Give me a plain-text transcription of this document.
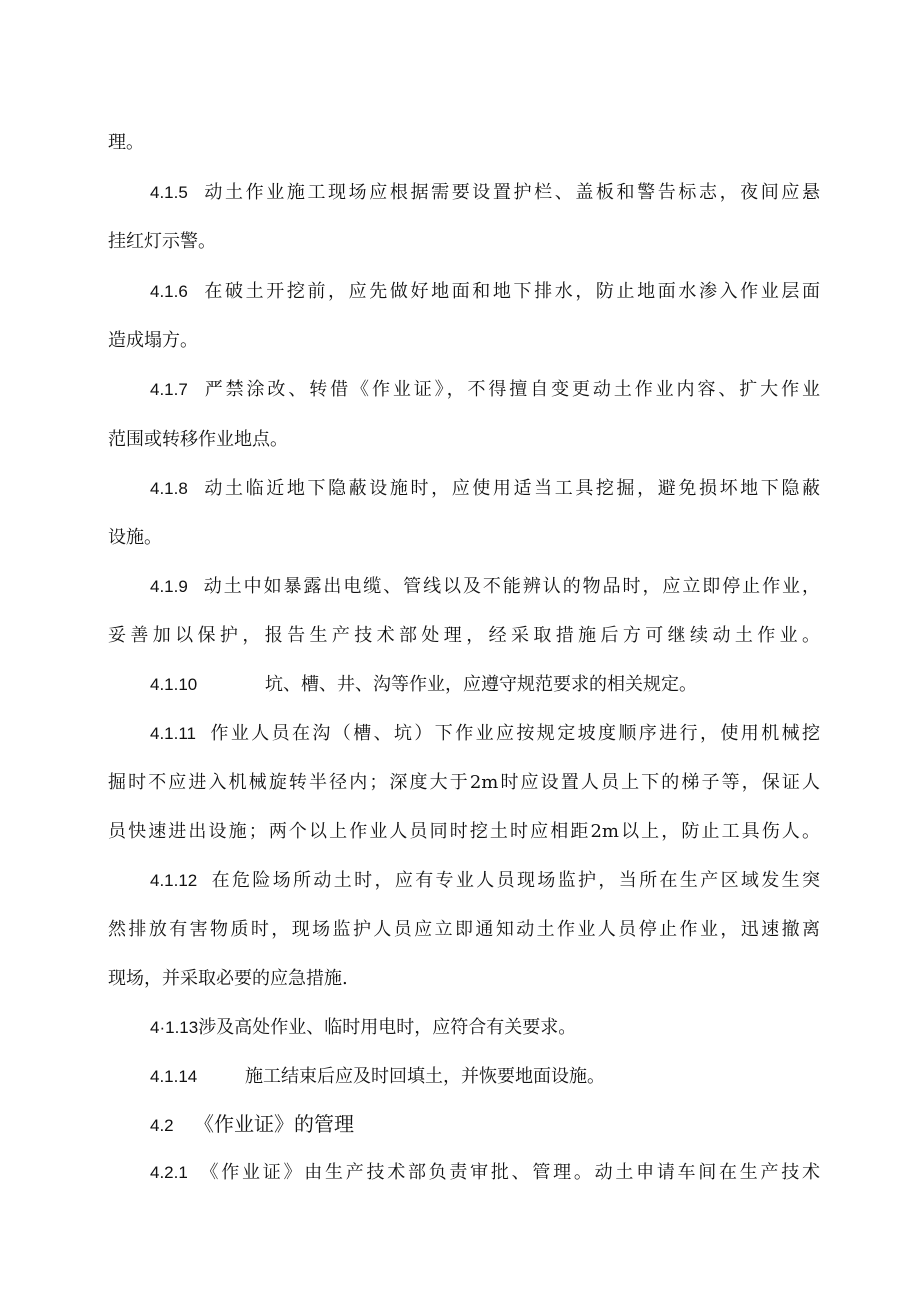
理。
4.1.5 动土作业施工现场应根据需要设置护栏、盖板和警告标志，夜间应悬
挂红灯示警。
4.1.6 在破土开挖前，应先做好地面和地下排水，防止地面水渗入作业层面
造成塌方。
4.1.7 严禁涂改、转借《作业证》，不得擅自变更动土作业内容、扩大作业
范围或转移作业地点。
4.1.8 动土临近地下隐蔽设施时，应使用适当工具挖掘，避免损坏地下隐蔽
设施。
4.1.9 动土中如暴露出电缆、管线以及不能辨认的物品时，应立即停止作业，
妥善加以保护，报告生产技术部处理，经采取措施后方可继续动土作业。
4.1.10	坑、槽、井、沟等作业，应遵守规范要求的相关规定。
4.1.11 作业人员在沟（槽、坑）下作业应按规定坡度顺序进行，使用机械挖
掘时不应进入机械旋转半径内；深度大于2m时应设置人员上下的梯子等，保证人
员快速进出设施；两个以上作业人员同时挖土时应相距2m以上，防止工具伤人。
4.1.12 在危险场所动土时，应有专业人员现场监护，当所在生产区域发生突
然排放有害物质时，现场监护人员应立即通知动土作业人员停止作业，迅速撤离
现场，并采取必要的应急措施.
4·1.13涉及高处作业、临时用电时，应符合有关要求。
4.1.14	施工结束后应及时回填土，并恢要地面设施。
4.2 《作业证》的管理
4.2.1 《作业证》由生产技术部负责审批、管理。动土申请车间在生产技术
